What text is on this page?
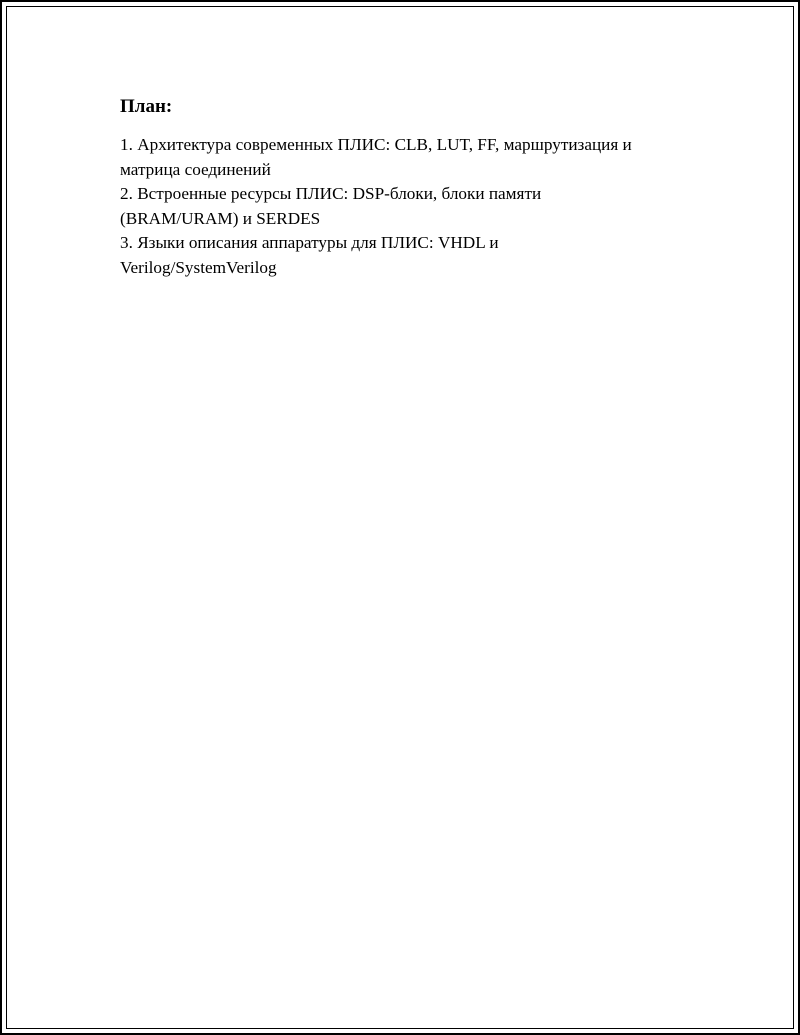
План:
1. Архитектура современных ПЛИС: CLB, LUT, FF, маршрутизация и
матрица соединений
2. Встроенные ресурсы ПЛИС: DSP-блоки, блоки памяти
(BRAM/URAM) и SERDES
3. Языки описания аппаратуры для ПЛИС: VHDL и
Verilog/SystemVerilog
